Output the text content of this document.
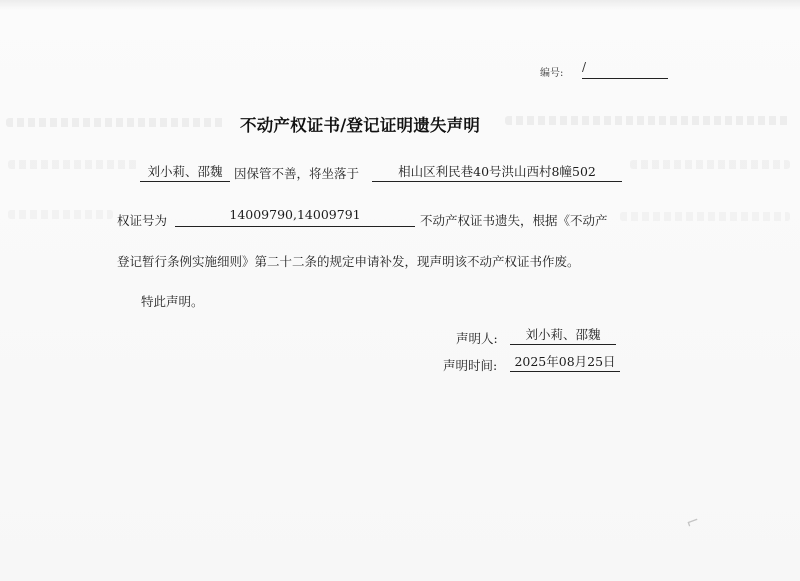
编号: /
不动产权证书/登记证明遗失声明
刘小莉、邵魏 因保管不善，将坐落于	相山区利民巷40号洪山西村8幢502
权证号为	14009790,14009791	不动产权证书遗失，根据《不动产
登记暂行条例实施细则》第二十二条的规定申请补发，现声明该不动产权证书作废。
特此声明。
声明人:	刘小莉、邵魏
声明时间:	2025年08月25日
⌐
